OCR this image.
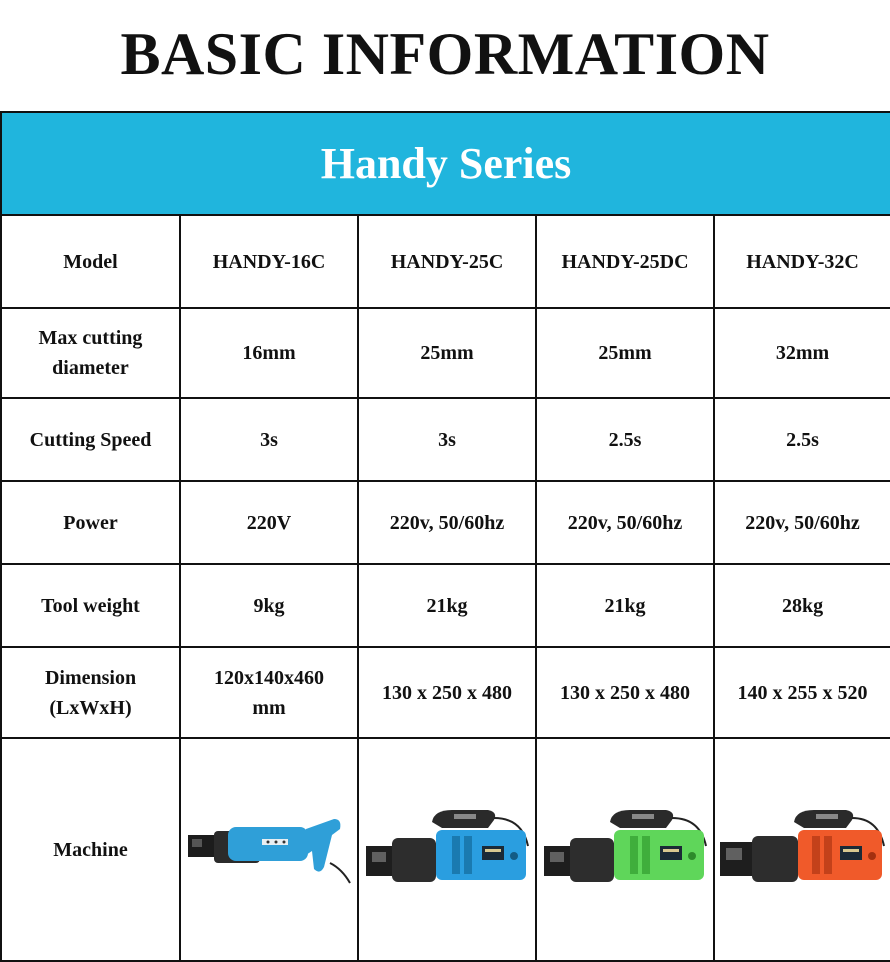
BASIC INFORMATION
Handy Series				
Model	HANDY-16C	HANDY-25C	HANDY-25DC	HANDY-32C
Max cutting diameter	16mm	25mm	25mm	32mm
Cutting Speed	3s	3s	2.5s	2.5s
Power	220V	220v, 50/60hz	220v, 50/60hz	220v, 50/60hz
Tool weight	9kg	21kg	21kg	28kg
Dimension (LxWxH)	120x140x460 mm	130 x 250 x 480	130 x 250 x 480	140 x 255 x 520
Machine	
